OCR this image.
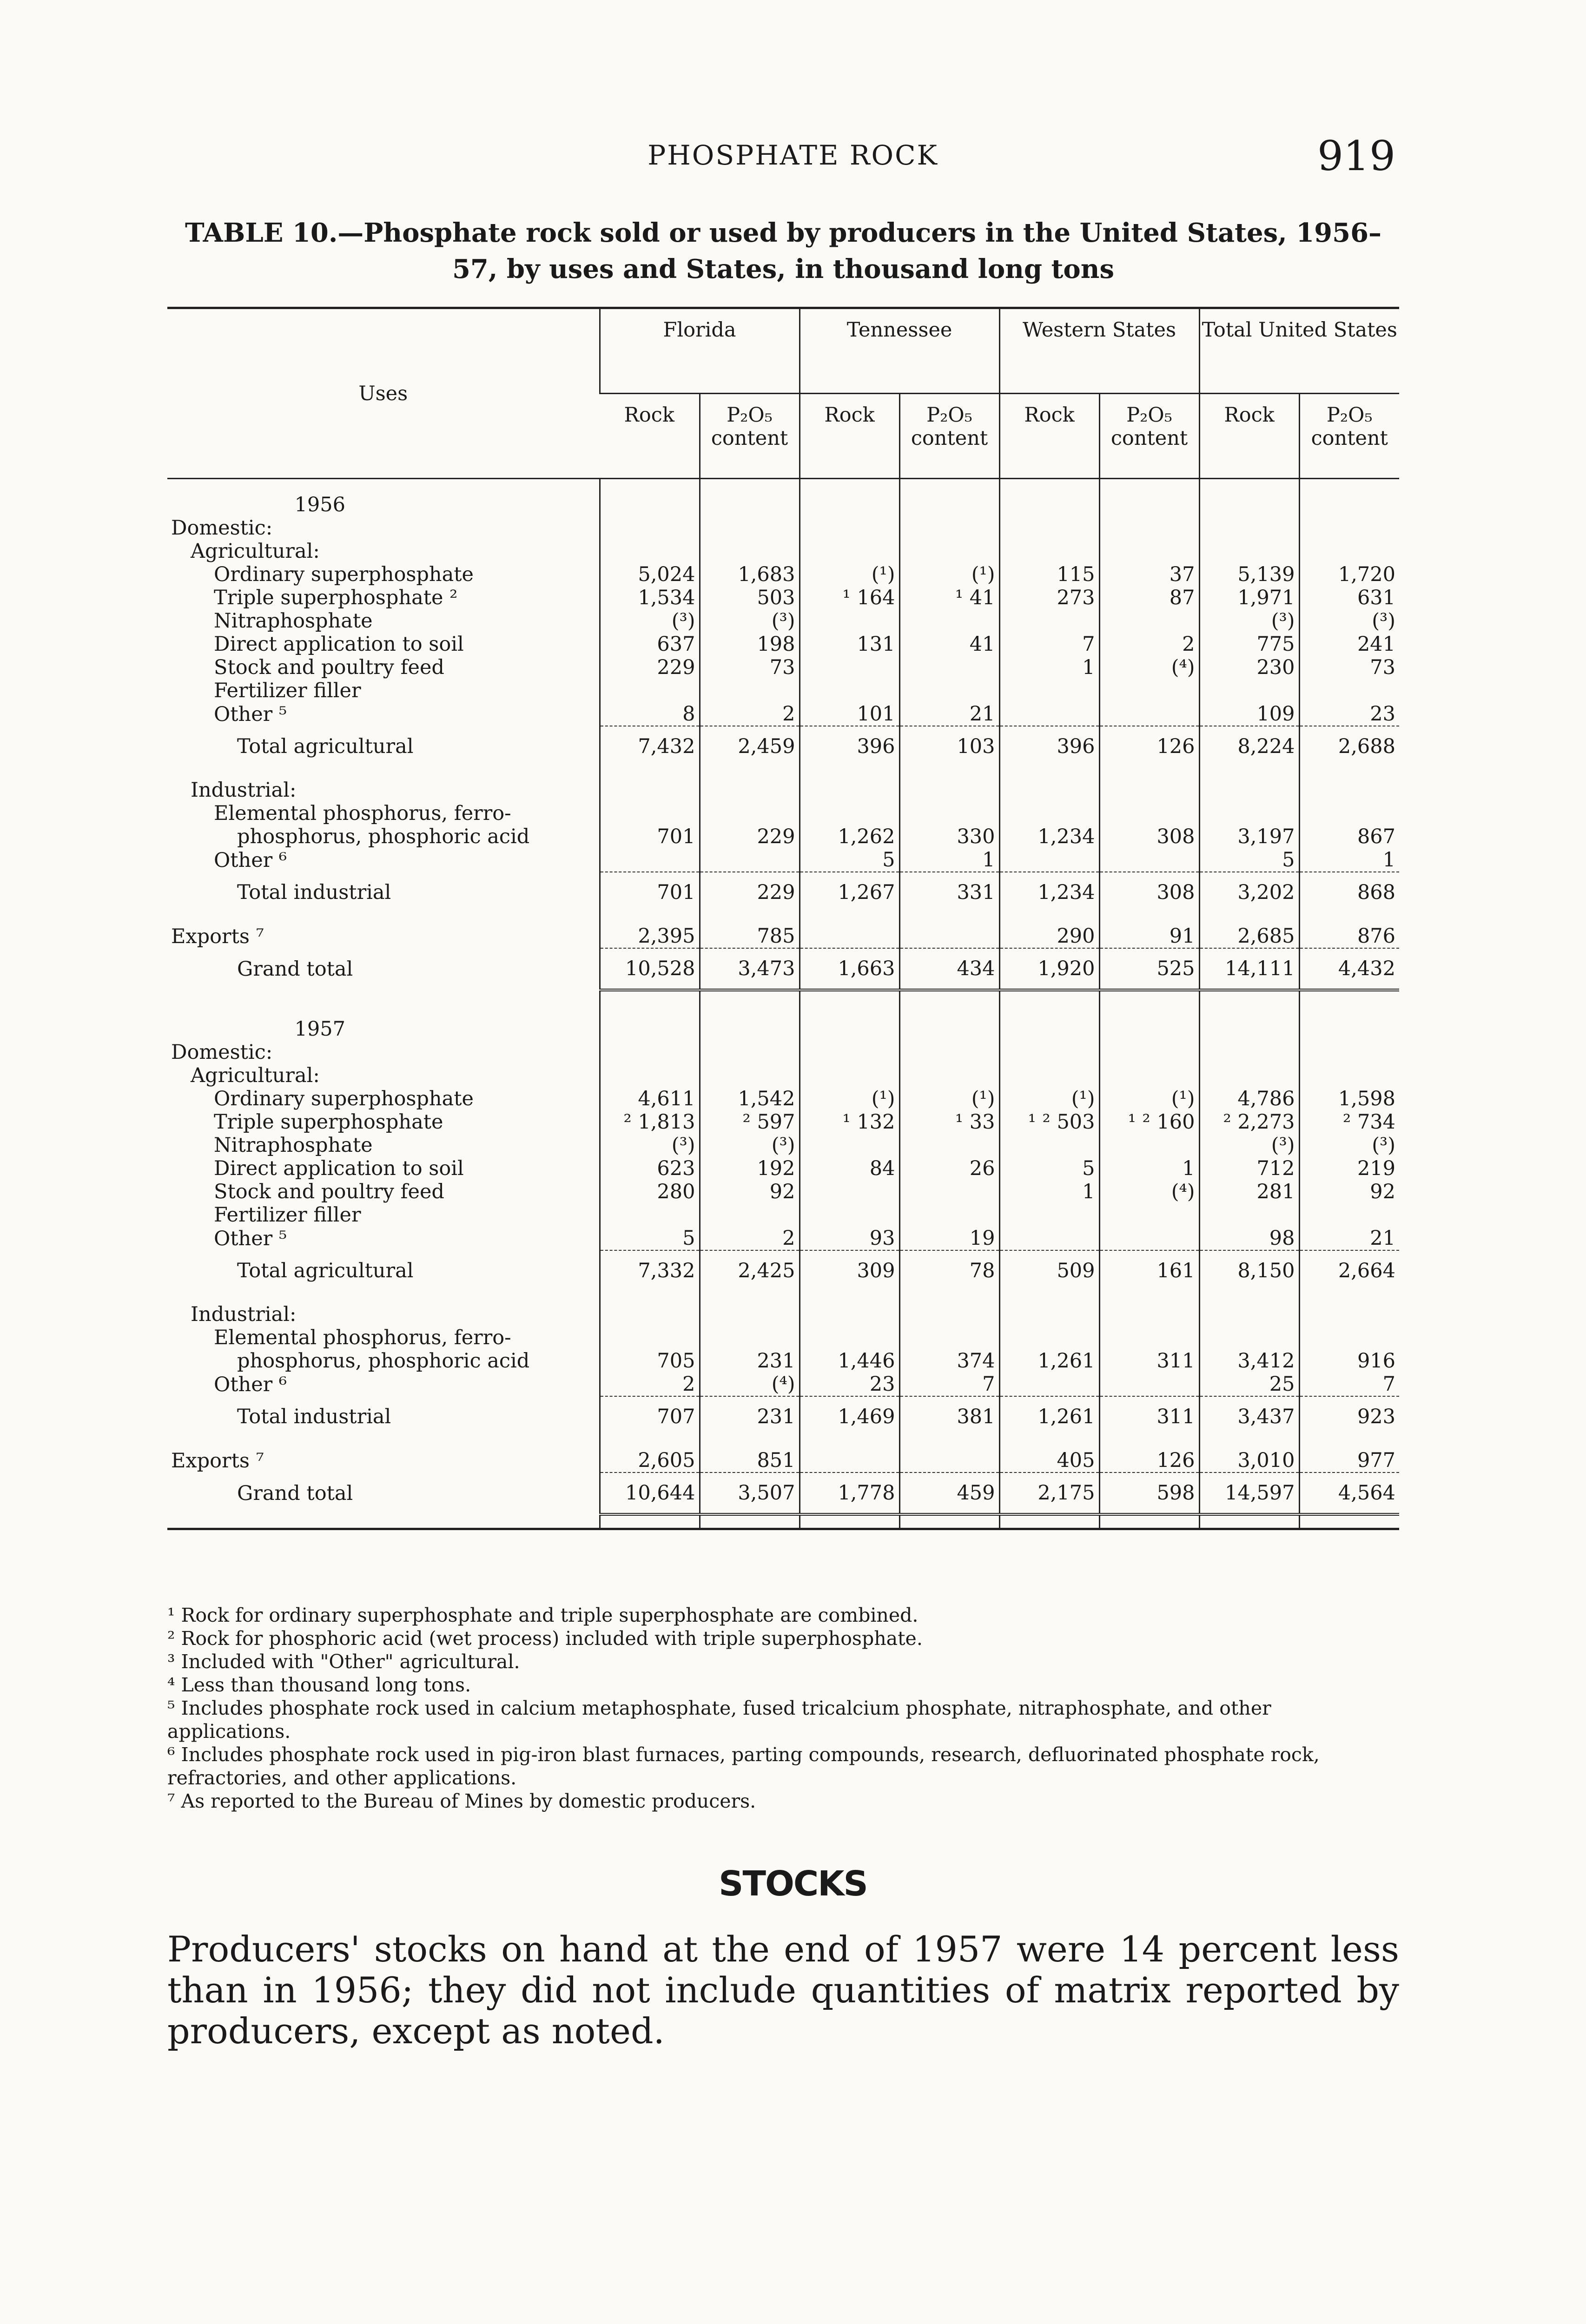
PHOSPHATE ROCK	919
TABLE 10.—Phosphate rock sold or used by producers in the United States, 1956–57, by uses and States, in thousand long tons
Uses	Florida		Tennessee		Western States		Total United States	
	Rock	P₂O₅ content	Rock	P₂O₅ content	Rock	P₂O₅ content	Rock	P₂O₅ content
1956								
Domestic:								
Agricultural:								
Ordinary superphosphate	5,024	1,683	(¹)	(¹)	115	37	5,139	1,720
Triple superphosphate ²	1,534	503	¹ 164	¹ 41	273	87	1,971	631
Nitraphosphate	(³)	(³)					(³)	(³)
Direct application to soil	637	198	131	41	7	2	775	241
Stock and poultry feed	229	73			1	(⁴)	230	73
Fertilizer filler								
Other ⁵	8	2	101	21			109	23
Total agricultural	7,432	2,459	396	103	396	126	8,224	2,688

Industrial:								
Elemental phosphorus, ferro-								
phosphorus, phosphoric acid	701	229	1,262	330	1,234	308	3,197	867
Other ⁶			5	1			5	1
Total industrial	701	229	1,267	331	1,234	308	3,202	868

Exports ⁷	2,395	785			290	91	2,685	876
Grand total	10,528	3,473	1,663	434	1,920	525	14,111	4,432

1957								
Domestic:								
Agricultural:								
Ordinary superphosphate	4,611	1,542	(¹)	(¹)	(¹)	(¹)	4,786	1,598
Triple superphosphate	² 1,813	² 597	¹ 132	¹ 33	¹ ² 503	¹ ² 160	² 2,273	² 734
Nitraphosphate	(³)	(³)					(³)	(³)
Direct application to soil	623	192	84	26	5	1	712	219
Stock and poultry feed	280	92			1	(⁴)	281	92
Fertilizer filler								
Other ⁵	5	2	93	19			98	21
Total agricultural	7,332	2,425	309	78	509	161	8,150	2,664

Industrial:								
Elemental phosphorus, ferro-								
phosphorus, phosphoric acid	705	231	1,446	374	1,261	311	3,412	916
Other ⁶	2	(⁴)	23	7			25	7
Total industrial	707	231	1,469	381	1,261	311	3,437	923

Exports ⁷	2,605	851			405	126	3,010	977
Grand total	10,644	3,507	1,778	459	2,175	598	14,597	4,564

¹ Rock for ordinary superphosphate and triple superphosphate are combined.

² Rock for phosphoric acid (wet process) included with triple superphosphate.

³ Included with "Other" agricultural.

⁴ Less than thousand long tons.

⁵ Includes phosphate rock used in calcium metaphosphate, fused tricalcium phosphate, nitraphosphate, and other applications.

⁶ Includes phosphate rock used in pig-iron blast furnaces, parting compounds, research, defluorinated phosphate rock, refractories, and other applications.

⁷ As reported to the Bureau of Mines by domestic producers.

STOCKS
Producers' stocks on hand at the end of 1957 were 14 percent less than in 1956; they did not include quantities of matrix reported by producers, except as noted.
